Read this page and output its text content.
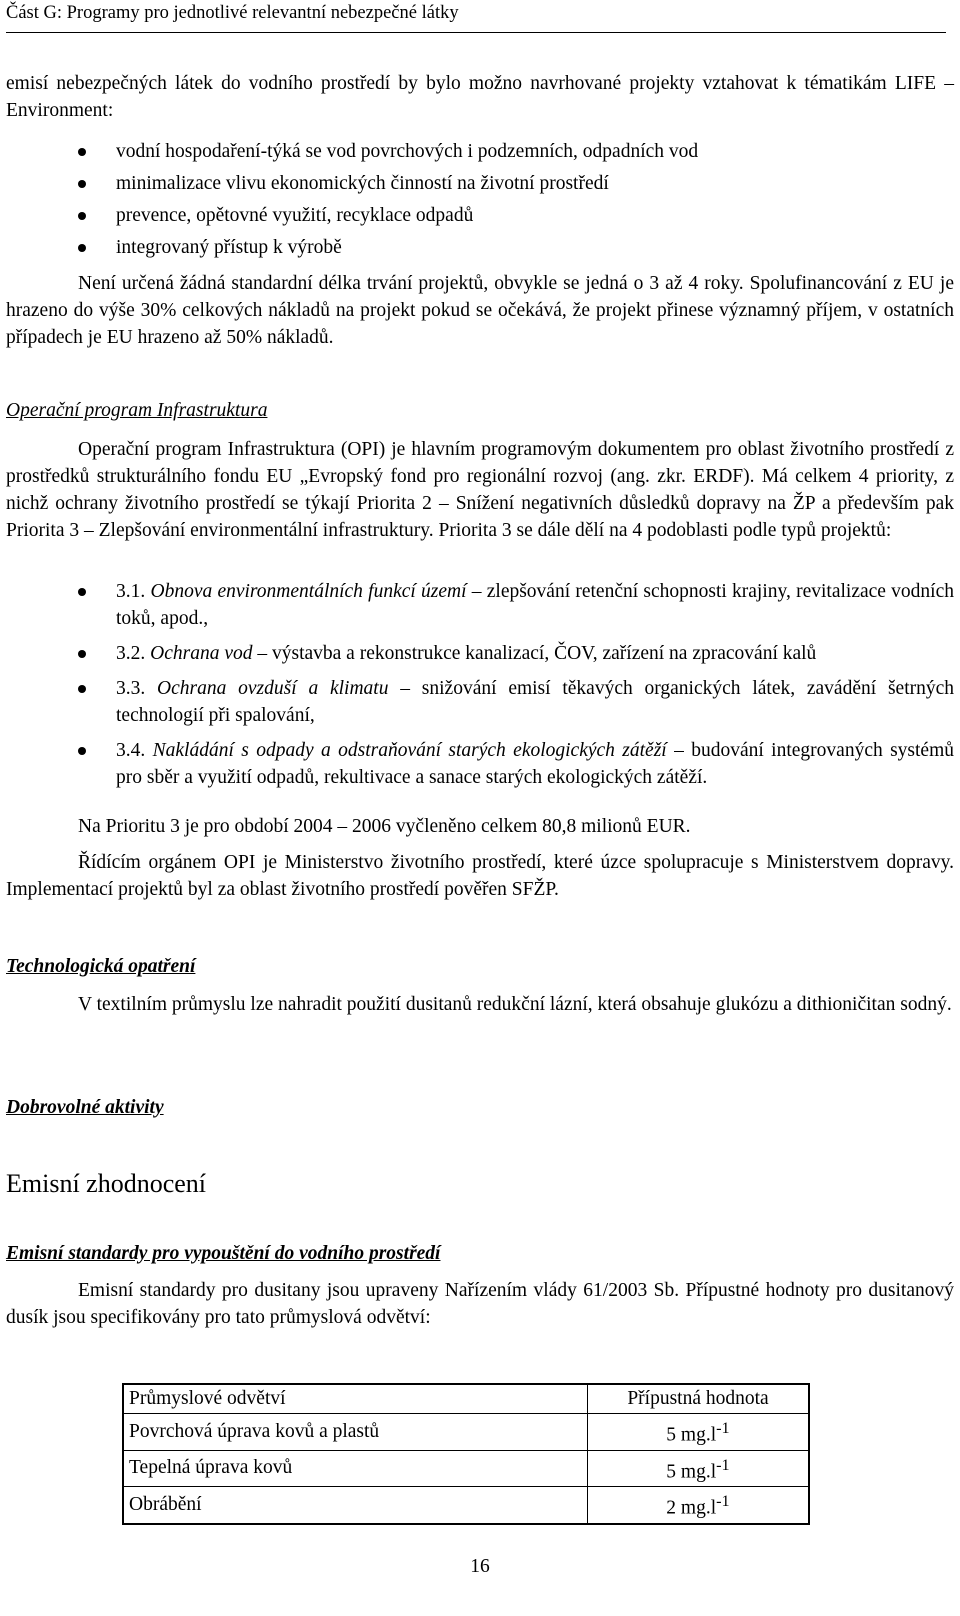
Část G: Programy pro jednotlivé relevantní nebezpečné látky

emisí nebezpečných látek do vodního prostředí by bylo možno navrhované projekty vztahovat k tématikám LIFE – Environment:

vodní hospodaření-týká se vod povrchových i podzemních, odpadních vod
minimalizace vlivu ekonomických činností na životní prostředí
prevence, opětovné využití, recyklace odpadů
integrovaný přístup k výrobě

Není určená žádná standardní délka trvání projektů, obvykle se jedná o 3 až 4 roky. Spolufinancování z EU je hrazeno do výše 30% celkových nákladů na projekt pokud se očekává, že projekt přinese významný příjem, v ostatních případech je EU hrazeno až 50% nákladů.

Operační program Infrastruktura

Operační program Infrastruktura (OPI) je hlavním programovým dokumentem pro oblast životního prostředí z prostředků strukturálního fondu EU „Evropský fond pro regionální rozvoj (ang. zkr. ERDF). Má celkem 4 priority, z nichž ochrany životního prostředí se týkají Priorita 2 – Snížení negativních důsledků dopravy na ŽP a především pak Priorita 3 – Zlepšování environmentální infrastruktury. Priorita 3 se dále dělí na 4 podoblasti podle typů projektů:

3.1. Obnova environmentálních funkcí území – zlepšování retenční schopnosti krajiny, revitalizace vodních toků, apod.,
3.2. Ochrana vod – výstavba a rekonstrukce kanalizací, ČOV, zařízení na zpracování kalů
3.3. Ochrana ovzduší a klimatu – snižování emisí těkavých organických látek, zavádění šetrných technologií při spalování,
3.4. Nakládání s odpady a odstraňování starých ekologických zátěží – budování integrovaných systémů pro sběr a využití odpadů, rekultivace a sanace starých ekologických zátěží.

Na Prioritu 3 je pro období 2004 – 2006 vyčleněno celkem 80,8 milionů EUR.

Řídícím orgánem OPI je Ministerstvo životního prostředí, které úzce spolupracuje s Ministerstvem dopravy. Implementací projektů byl za oblast životního prostředí pověřen SFŽP.

Technologická opatření

V textilním průmyslu lze nahradit použití dusitanů redukční lázní, která obsahuje glukózu a dithioničitan sodný.

Dobrovolné aktivity
Emisní zhodnocení
Emisní standardy pro vypouštění do vodního prostředí

Emisní standardy pro dusitany jsou upraveny Nařízením vlády 61/2003 Sb. Přípustné hodnoty pro dusitanový dusík jsou specifikovány pro tato průmyslová odvětví:

Průmyslové odvětví	Přípustná hodnota
Povrchová úprava kovů a plastů	5 $mg.l^{-1}$
Tepelná úprava kovů	5 $mg.l^{-1}$
Obrábění	2 $mg.l^{-1}$
16
